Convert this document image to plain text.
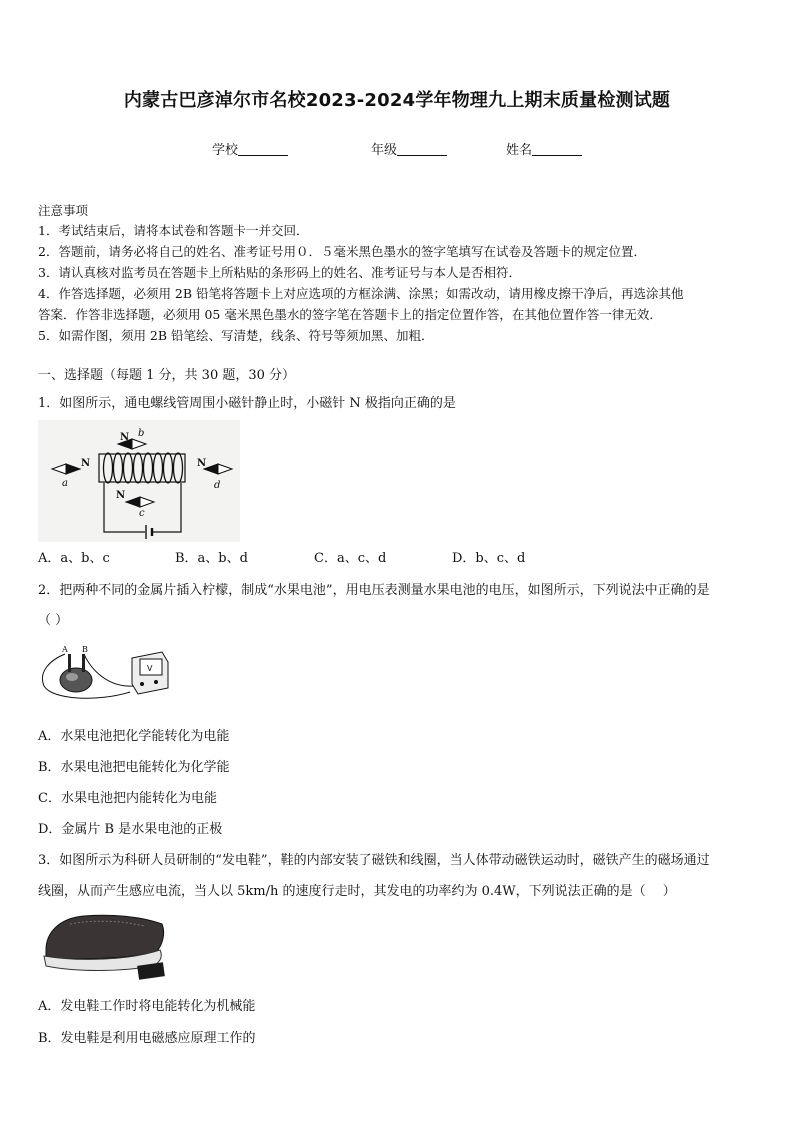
内蒙古巴彦淖尔市名校2023-2024学年物理九上期末质量检测试题
学校	年级	姓名
注意事项
1．考试结束后，请将本试卷和答题卡一并交回．
2．答题前，请务必将自己的姓名、准考证号用０．５毫米黑色墨水的签字笔填写在试卷及答题卡的规定位置．
3．请认真核对监考员在答题卡上所粘贴的条形码上的姓名、准考证号与本人是否相符．
4．作答选择题，必须用 2B 铅笔将答题卡上对应选项的方框涂满、涂黑；如需改动，请用橡皮擦干净后，再选涂其他
答案．作答非选择题，必须用 05 毫米黑色墨水的签字笔在答题卡上的指定位置作答，在其他位置作答一律无效．
5．如需作图，须用 2B 铅笔绘、写清楚，线条、符号等须加黑、加粗．
一、选择题（每题 1 分，共 30 题，30 分）
1．如图所示，通电螺线管周围小磁针静止时，小磁针 N 极指向正确的是
N
a
N b
N
d
N
c
A．a、b、c	B．a、b、d	C．a、c、d	D．b、c、d
2．把两种不同的金属片插入柠檬，制成“水果电池”，用电压表测量水果电池的电压，如图所示，下列说法中正确的是
（ ）
A B
V
A．水果电池把化学能转化为电能
B．水果电池把电能转化为化学能
C．水果电池把内能转化为电能
D．金属片 B 是水果电池的正极
3．如图所示为科研人员研制的“发电鞋”，鞋的内部安装了磁铁和线圈，当人体带动磁铁运动时，磁铁产生的磁场通过
线圈，从而产生感应电流，当人以 5km/h 的速度行走时，其发电的功率约为 0.4W，下列说法正确的是（　 ）
A．发电鞋工作时将电能转化为机械能
B．发电鞋是利用电磁感应原理工作的
